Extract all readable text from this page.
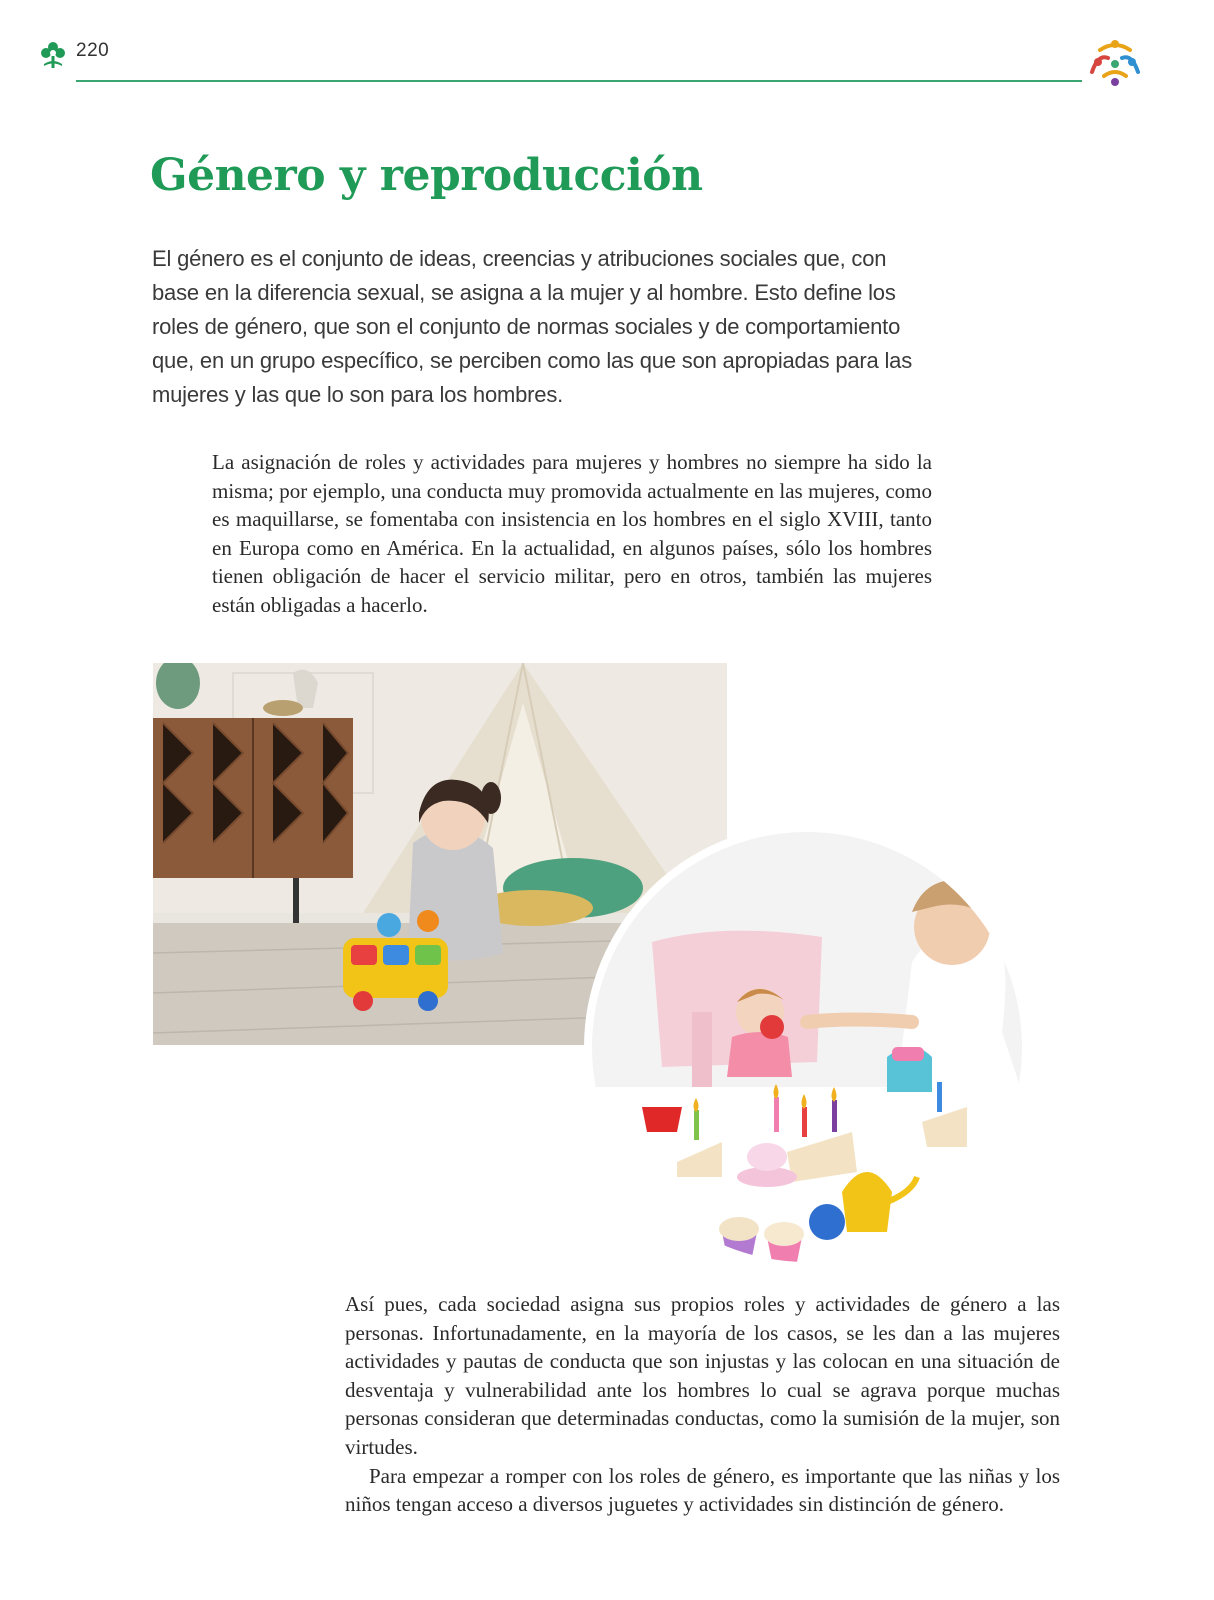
220
Género y reproducción

El género es el conjunto de ideas, creencias y atribuciones sociales que, con base en la diferencia sexual, se asigna a la mujer y al hombre. Esto define los roles de género, que son el conjunto de normas sociales y de comportamiento que, en un grupo específico, se perciben como las que son apropiadas para las mujeres y las que lo son para los hombres.

La asignación de roles y actividades para mujeres y hombres no siempre ha sido la misma; por ejemplo, una conducta muy promovida actualmente en las mujeres, como es maquillarse, se fomentaba con insistencia en los hombres en el siglo XVIII, tanto en Europa como en América. En la actualidad, en algunos países, sólo los hombres tienen obligación de hacer el servicio militar, pero en otros, también las mujeres están obligadas a hacerlo.

Así pues, cada sociedad asigna sus propios roles y actividades de género a las personas. Infortunadamente, en la mayoría de los casos, se les dan a las mujeres actividades y pautas de conducta que son injustas y las colocan en una situación de desventaja y vulnerabilidad ante los hombres lo cual se agrava porque muchas personas consideran que determinadas conductas, como la sumisión de la mujer, son virtudes.

Para empezar a romper con los roles de género, es importante que las niñas y los niños tengan acceso a diversos juguetes y actividades sin distinción de género.
